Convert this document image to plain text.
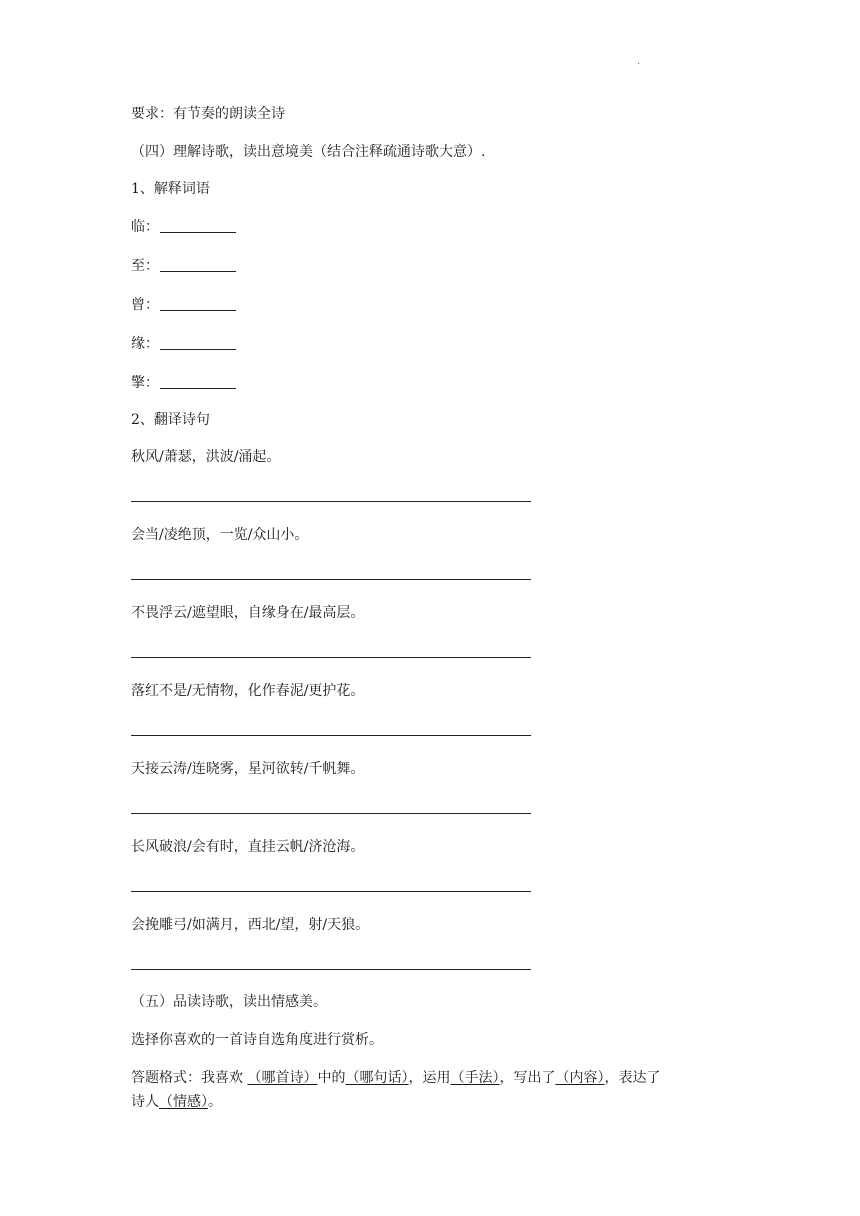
.
要求：有节奏的朗读全诗
（四）理解诗歌，读出意境美（结合注释疏通诗歌大意）.
1、解释词语
临：
至：
曾：
缘：
擎：
2、翻译诗句
秋风/萧瑟，洪波/涌起。
会当/凌绝顶，一览/众山小。
不畏浮云/遮望眼，自缘身在/最高层。
落红不是/无情物，化作春泥/更护花。
天接云涛/连晓雾，星河欲转/千帆舞。
长风破浪/会有时，直挂云帆/济沧海。
会挽雕弓/如满月，西北/望，射/天狼。
（五）品读诗歌，读出情感美。
选择你喜欢的一首诗自选角度进行赏析。
答题格式：我喜欢 （哪首诗）中的（哪句话），运用（手法），写出了（内容），表达了
诗人（情感）。
